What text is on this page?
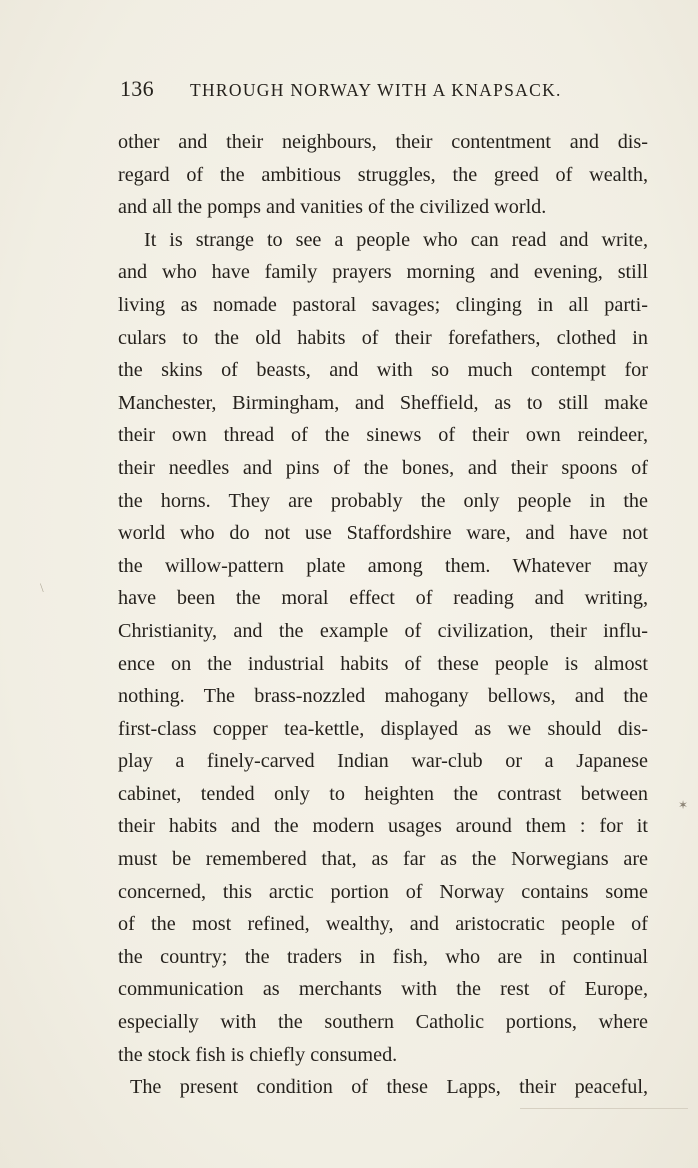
136 THROUGH NORWAY WITH A KNAPSACK.
other and their neighbours, their contentment and dis-
regard of the ambitious struggles, the greed of wealth,
and all the pomps and vanities of the civilized world.
It is strange to see a people who can read and write,
and who have family prayers morning and evening, still
living as nomade pastoral savages; clinging in all parti-
culars to the old habits of their forefathers, clothed in
the skins of beasts, and with so much contempt for
Manchester, Birmingham, and Sheffield, as to still make
their own thread of the sinews of their own reindeer,
their needles and pins of the bones, and their spoons of
the horns. They are probably the only people in the
world who do not use Staffordshire ware, and have not
the willow-pattern plate among them. Whatever may
have been the moral effect of reading and writing,
Christianity, and the example of civilization, their influ-
ence on the industrial habits of these people is almost
nothing. The brass-nozzled mahogany bellows, and the
first-class copper tea-kettle, displayed as we should dis-
play a finely-carved Indian war-club or a Japanese
cabinet, tended only to heighten the contrast between
their habits and the modern usages around them : for it
must be remembered that, as far as the Norwegians are
concerned, this arctic portion of Norway contains some
of the most refined, wealthy, and aristocratic people of
the country; the traders in fish, who are in continual
communication as merchants with the rest of Europe,
especially with the southern Catholic portions, where
the stock fish is chiefly consumed.
The present condition of these Lapps, their peaceful,
\
✶
